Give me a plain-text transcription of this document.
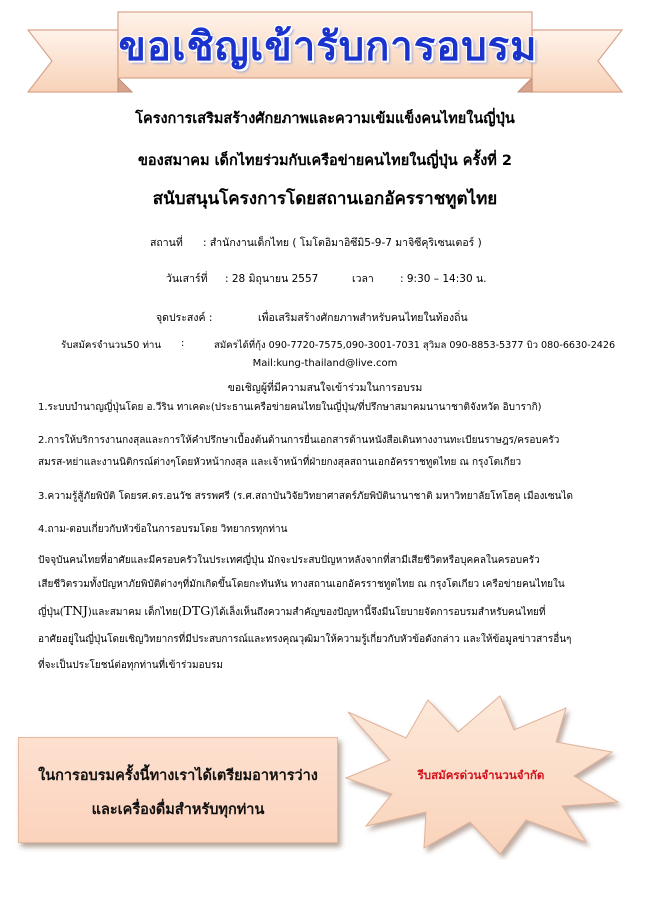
ขอเชิญเข้ารับการอบรม
โครงการเสริมสร้างศักยภาพและความเข้มแข็งคนไทยในญี่ปุ่น
ของสมาคม เด็กไทยร่วมกับเครือข่ายคนไทยในญี่ปุ่น ครั้งที่ 2
สนับสนุนโครงการโดยสถานเอกอัครราชทูตไทย
สถานที่ : สำนักงานเด็กไทย ( โมโตอิมาอิซึมิ5-9-7 มาจิซีคุริเซนเตอร์ )
วันเสาร์ที่ : 28 มิถุนายน 2557	เวลา : 9:30 – 14:30 น.
จุดประสงค์ :	เพื่อเสริมสร้างศักยภาพสำหรับคนไทยในท้องถิ่น
รับสมัครจำนวน50 ท่าน :	สมัครได้ที่กุ้ง 090-7720-7575,090-3001-7031 สุวิมล 090-8853-5377 บิว 080-6630-2426
Mail:kung-thailand@live.com
ขอเชิญผู้ที่มีความสนใจเข้าร่วมในการอบรม
1.ระบบบำนาญญี่ปุ่นโดย อ.วีริน ทาเคดะ(ประธานเครือข่ายคนไทยในญี่ปุ่น/ที่ปรึกษาสมาคมนานาชาติจังหวัด อิบารากิ)
2.การให้บริการงานกงสุลและการให้คำปรึกษาเบื้องต้นด้านการยื่นเอกสารด้านหนังสือเดินทางงานทะเบียนราษฎร/ครอบครัว
สมรส-หย่าและงานนิติกรณ์ต่างๆโดยหัวหน้ากงสุล และเจ้าหน้าที่ฝ่ายกงสุลสถานเอกอัครราชทูตไทย ณ กรุงโตเกียว
3.ความรู้สู้ภัยพิบัติ โดยรศ.ดร.อนวัช สรรพศรี (ร.ศ.สถาบันวิจัยวิทยาศาสตร์ภัยพิบัตินานาชาติ มหาวิทยาลัยโทโฮคุ เมืองเซนได
4.ถาม-ตอบเกี่ยวกับหัวข้อในการอบรมโดย วิทยากรทุกท่าน
ปัจจุบันคนไทยที่อาศัยและมีครอบครัวในประเทศญี่ปุ่น มักจะประสบปัญหาหลังจากที่สามีเสียชีวิตหรือบุคคลในครอบครัว
เสียชีวิตรวมทั้งปัญหาภัยพิบัติต่างๆที่มักเกิดขึ้นโดยกะทันหัน ทางสถานเอกอัครราชทูตไทย ณ กรุงโตเกียว เครือข่ายคนไทยใน
ญี่ปุ่น(TNJ)และสมาคม เด็กไทย(DTG)ได้เล็งเห็นถึงความสำคัญของปัญหานี้จึงมีนโยบายจัดการอบรมสำหรับคนไทยที่
อาศัยอยู่ในญี่ปุ่นโดยเชิญวิทยากรที่มีประสบการณ์และทรงคุณวุฒิมาให้ความรู้เกี่ยวกับหัวข้อดังกล่าว และให้ข้อมูลข่าวสารอื่นๆ
ที่จะเป็นประโยชน์ต่อทุกท่านที่เข้าร่วมอบรม
ในการอบรมครั้งนี้ทางเราได้เตรียมอาหารว่าง
และเครื่องดื่มสำหรับทุกท่าน
รีบสมัครด่วนจำนวนจำกัด
